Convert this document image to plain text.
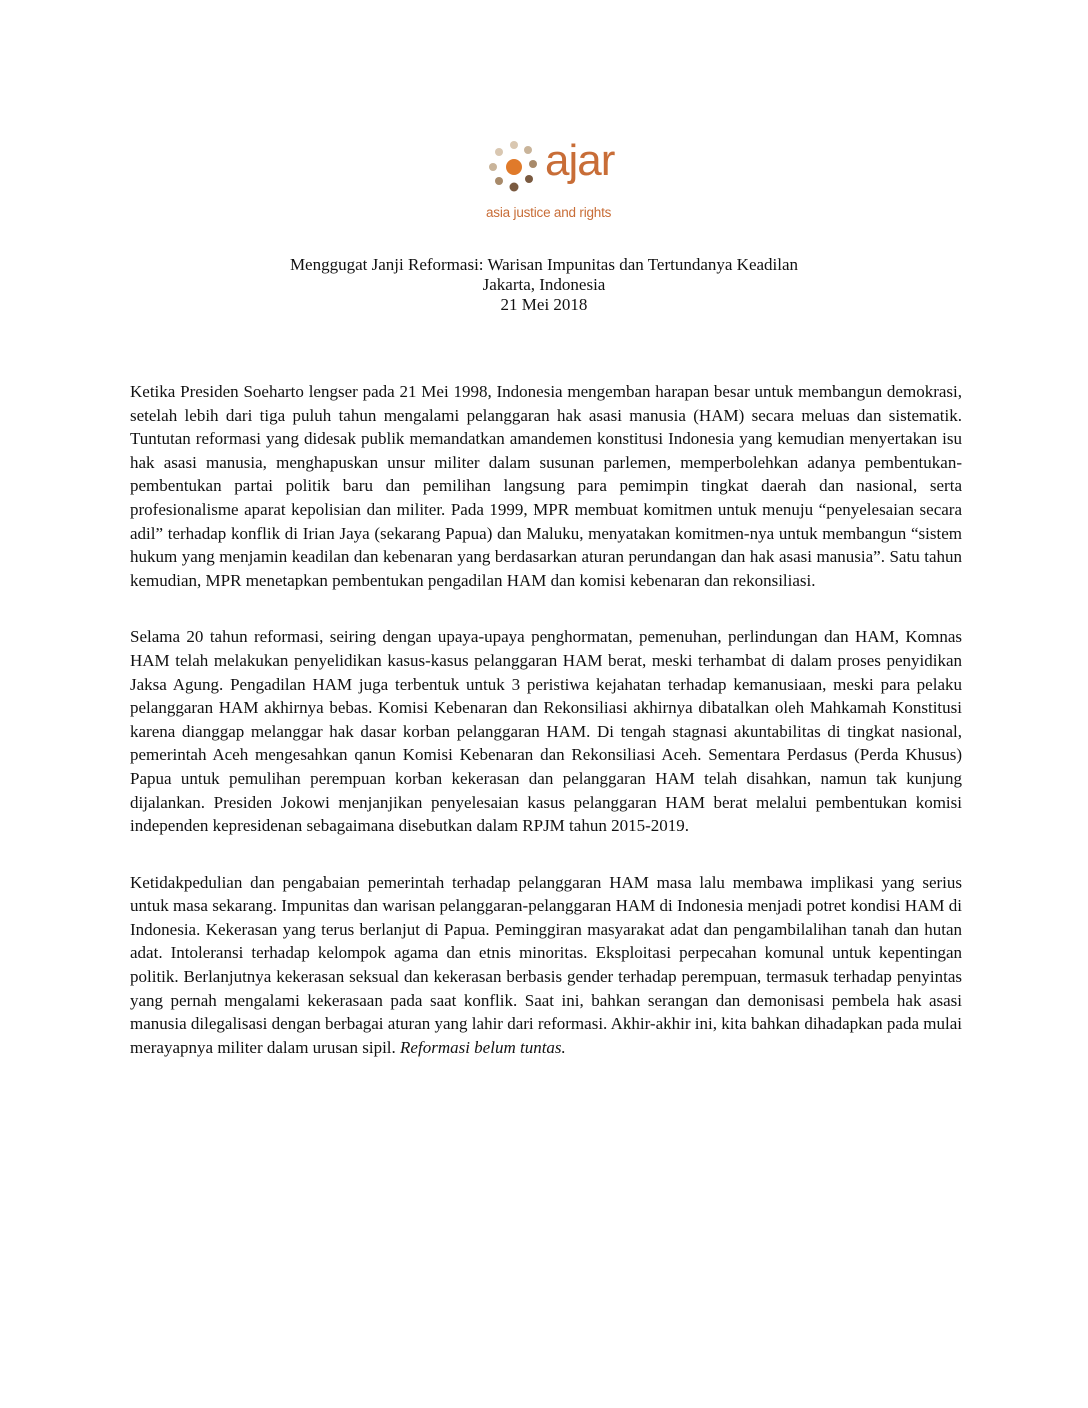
ajar
asia justice and rights
Menggugat Janji Reformasi: Warisan Impunitas dan Tertundanya Keadilan
Jakarta, Indonesia
21 Mei 2018

Ketika Presiden Soeharto lengser pada 21 Mei 1998, Indonesia mengemban harapan besar untuk membangun demokrasi, setelah lebih dari tiga puluh tahun mengalami pelanggaran hak asasi manusia (HAM) secara meluas dan sistematik. Tuntutan reformasi yang didesak publik memandatkan amandemen konstitusi Indonesia yang kemudian menyertakan isu hak asasi manusia, menghapuskan unsur militer dalam susunan parlemen, memperbolehkan adanya pembentukan-pembentukan partai politik baru dan pemilihan langsung para pemimpin tingkat daerah dan nasional, serta profesionalisme aparat kepolisian dan militer. Pada 1999, MPR membuat komitmen untuk menuju “penyelesaian secara adil” terhadap konflik di Irian Jaya (sekarang Papua) dan Maluku, menyatakan komitmen-nya untuk membangun “sistem hukum yang menjamin keadilan dan kebenaran yang berdasarkan aturan perundangan dan hak asasi manusia”. Satu tahun kemudian, MPR menetapkan pembentukan pengadilan HAM dan komisi kebenaran dan rekonsiliasi.

Selama 20 tahun reformasi, seiring dengan upaya-upaya penghormatan, pemenuhan, perlindungan dan HAM, Komnas HAM telah melakukan penyelidikan kasus-kasus pelanggaran HAM berat, meski terhambat di dalam proses penyidikan Jaksa Agung. Pengadilan HAM juga terbentuk untuk 3 peristiwa kejahatan terhadap kemanusiaan, meski para pelaku pelanggaran HAM akhirnya bebas. Komisi Kebenaran dan Rekonsiliasi akhirnya dibatalkan oleh Mahkamah Konstitusi karena dianggap melanggar hak dasar korban pelanggaran HAM. Di tengah stagnasi akuntabilitas di tingkat nasional, pemerintah Aceh mengesahkan qanun Komisi Kebenaran dan Rekonsiliasi Aceh. Sementara Perdasus (Perda Khusus) Papua untuk pemulihan perempuan korban kekerasan dan pelanggaran HAM telah disahkan, namun tak kunjung dijalankan. Presiden Jokowi menjanjikan penyelesaian kasus pelanggaran HAM berat melalui pembentukan komisi independen kepresidenan sebagaimana disebutkan dalam RPJM tahun 2015-2019.

Ketidakpedulian dan pengabaian pemerintah terhadap pelanggaran HAM masa lalu membawa implikasi yang serius untuk masa sekarang. Impunitas dan warisan pelanggaran-pelanggaran HAM di Indonesia menjadi potret kondisi HAM di Indonesia. Kekerasan yang terus berlanjut di Papua. Peminggiran masyarakat adat dan pengambilalihan tanah dan hutan adat. Intoleransi terhadap kelompok agama dan etnis minoritas. Eksploitasi perpecahan komunal untuk kepentingan politik. Berlanjutnya kekerasan seksual dan kekerasan berbasis gender terhadap perempuan, termasuk terhadap penyintas yang pernah mengalami kekerasaan pada saat konflik. Saat ini, bahkan serangan dan demonisasi pembela hak asasi manusia dilegalisasi dengan berbagai aturan yang lahir dari reformasi. Akhir-akhir ini, kita bahkan dihadapkan pada mulai merayapnya militer dalam urusan sipil. Reformasi belum tuntas.
